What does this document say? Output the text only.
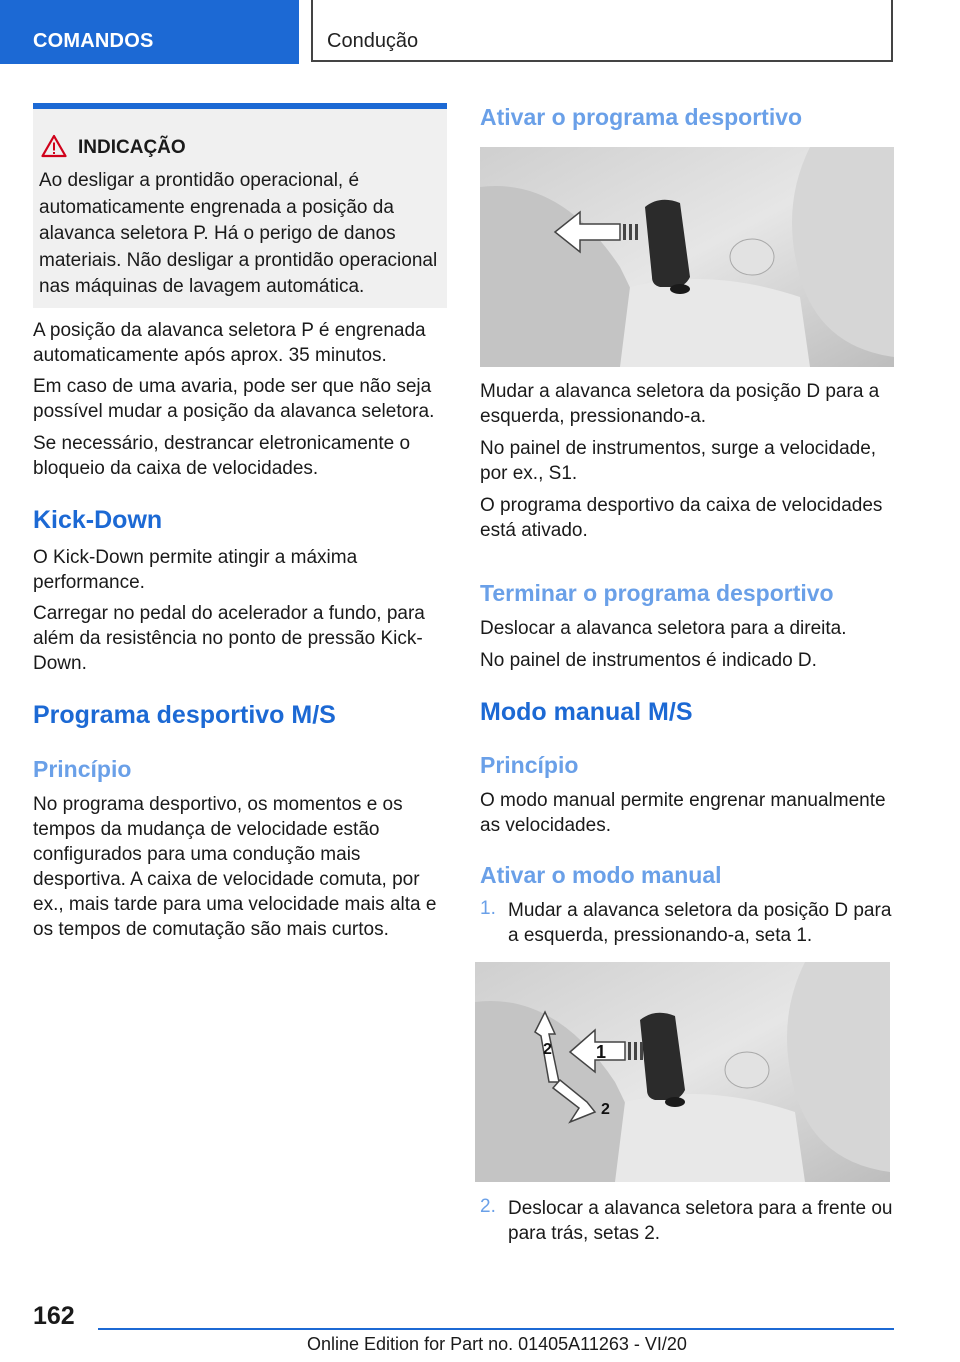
COMANDOS	Condução
INDICAÇÃO

Ao desligar a prontidão operacional, é automaticamente engrenada a posição da alavanca seletora P. Há o perigo de danos materiais. Não desligar a prontidão operacional nas máquinas de lavagem automática.

A posição da alavanca seletora P é engrenada automaticamente após aprox. 35 minutos.

Em caso de uma avaria, pode ser que não seja possível mudar a posição da alavanca seletora.

Se necessário, destrancar eletronicamente o bloqueio da caixa de velocidades.

Kick-Down

O Kick-Down permite atingir a máxima performance.

Carregar no pedal do acelerador a fundo, para além da resistência no ponto de pressão Kick-Down.

Programa desportivo M/S
Princípio

No programa desportivo, os momentos e os tempos da mudança de velocidade estão configurados para uma condução mais desportiva. A caixa de velocidade comuta, por ex., mais tarde para uma velocidade mais alta e os tempos de comutação são mais curtos.

Ativar o programa desportivo

Mudar a alavanca seletora da posição D para a esquerda, pressionando-a.

No painel de instrumentos, surge a velocidade, por ex., S1.

O programa desportivo da caixa de velocidades está ativado.

Terminar o programa desportivo

Deslocar a alavanca seletora para a direita.

No painel de instrumentos é indicado D.

Modo manual M/S
Princípio

O modo manual permite engrenar manualmente as velocidades.

Ativar o modo manual
1. Mudar a alavanca seletora da posição D para a esquerda, pressionando-a, seta 1.

1
2
2
2. Deslocar a alavanca seletora para a frente ou para trás, setas 2.

162
Online Edition for Part no. 01405A11263 - VI/20
